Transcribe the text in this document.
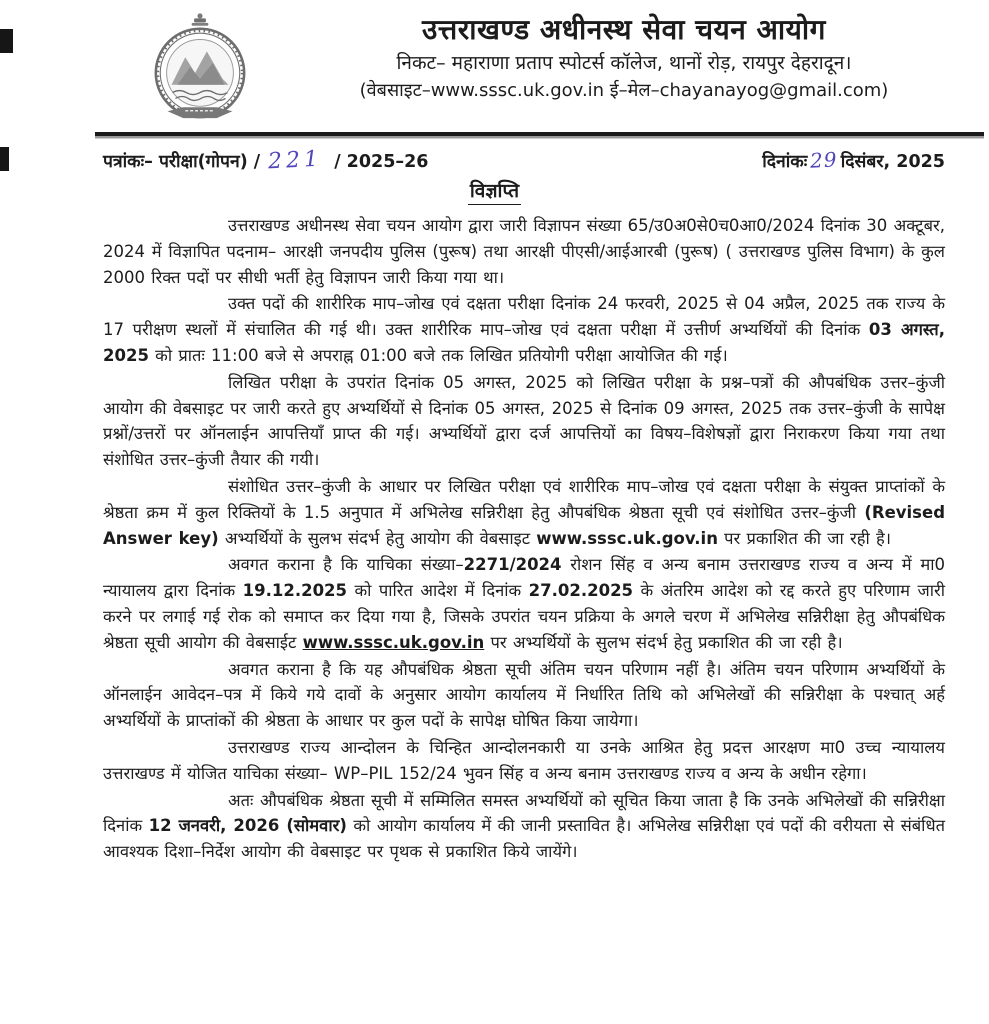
उत्तराखण्ड अधीनस्थ सेवा चयन आयोग
निकट– महाराणा प्रताप स्पोटर्स कॉलेज, थानों रोड़, रायपुर देहरादून।
(वेबसाइट–www.sssc.uk.gov.in ई–मेल–chayanayog@gmail.com)
पत्रांकः– परीक्षा(गोपन) / 221 / 2025–26	दिनांकः 29 दिसंबर, 2025
विज्ञप्ति

उत्तराखण्ड अधीनस्थ सेवा चयन आयोग द्वारा जारी विज्ञापन संख्या 65/उ0अ0से0च0आ0/2024 दिनांक 30 अक्टूबर, 2024 में विज्ञापित पदनाम– आरक्षी जनपदीय पुलिस (पुरूष) तथा आरक्षी पीएसी/आईआरबी (पुरूष) ( उत्तराखण्ड पुलिस विभाग) के कुल 2000 रिक्त पदों पर सीधी भर्ती हेतु विज्ञापन जारी किया गया था।

उक्त पदों की शारीरिक माप–जोख एवं दक्षता परीक्षा दिनांक 24 फरवरी, 2025 से 04 अप्रैल, 2025 तक राज्य के 17 परीक्षण स्थलों में संचालित की गई थी। उक्त शारीरिक माप–जोख एवं दक्षता परीक्षा में उत्तीर्ण अभ्यर्थियों की दिनांक 03 अगस्त, 2025 को प्रातः 11:00 बजे से अपराह्न 01:00 बजे तक लिखित प्रतियोगी परीक्षा आयोजित की गई।

लिखित परीक्षा के उपरांत दिनांक 05 अगस्त, 2025 को लिखित परीक्षा के प्रश्न–पत्रों की औपबंधिक उत्तर–कुंजी आयोग की वेबसाइट पर जारी करते हुए अभ्यर्थियों से दिनांक 05 अगस्त, 2025 से दिनांक 09 अगस्त, 2025 तक उत्तर–कुंजी के सापेक्ष प्रश्नों/उत्तरों पर ऑनलाईन आपत्तियाँ प्राप्त की गई। अभ्यर्थियों द्वारा दर्ज आपत्तियों का विषय–विशेषज्ञों द्वारा निराकरण किया गया तथा संशोधित उत्तर–कुंजी तैयार की गयी।

संशोधित उत्तर–कुंजी के आधार पर लिखित परीक्षा एवं शारीरिक माप–जोख एवं दक्षता परीक्षा के संयुक्त प्राप्तांकों के श्रेष्ठता क्रम में कुल रिक्तियों के 1.5 अनुपात में अभिलेख सन्निरीक्षा हेतु औपबंधिक श्रेष्ठता सूची एवं संशोधित उत्तर–कुंजी (Revised Answer key) अभ्यर्थियों के सुलभ संदर्भ हेतु आयोग की वेबसाइट www.sssc.uk.gov.in पर प्रकाशित की जा रही है।

अवगत कराना है कि याचिका संख्या–2271/2024 रोशन सिंह व अन्य बनाम उत्तराखण्ड राज्य व अन्य में मा0 न्यायालय द्वारा दिनांक 19.12.2025 को पारित आदेश में दिनांक 27.02.2025 के अंतरिम आदेश को रद्द करते हुए परिणाम जारी करने पर लगाई गई रोक को समाप्त कर दिया गया है, जिसके उपरांत चयन प्रक्रिया के अगले चरण में अभिलेख सन्निरीक्षा हेतु औपबंधिक श्रेष्ठता सूची आयोग की वेबसाईट www.sssc.uk.gov.in पर अभ्यर्थियों के सुलभ संदर्भ हेतु प्रकाशित की जा रही है।

अवगत कराना है कि यह औपबंधिक श्रेष्ठता सूची अंतिम चयन परिणाम नहीं है। अंतिम चयन परिणाम अभ्यर्थियों के ऑनलाईन आवेदन–पत्र में किये गये दावों के अनुसार आयोग कार्यालय में निर्धारित तिथि को अभिलेखों की सन्निरीक्षा के पश्चात् अर्ह अभ्यर्थियों के प्राप्तांकों की श्रेष्ठता के आधार पर कुल पदों के सापेक्ष घोषित किया जायेगा।

उत्तराखण्ड राज्य आन्दोलन के चिन्हित आन्दोलनकारी या उनके आश्रित हेतु प्रदत्त आरक्षण मा0 उच्च न्यायालय उत्तराखण्ड में योजित याचिका संख्या– WP–PIL 152/24 भुवन सिंह व अन्य बनाम उत्तराखण्ड राज्य व अन्य के अधीन रहेगा।

अतः औपबंधिक श्रेष्ठता सूची में सम्मिलित समस्त अभ्यर्थियों को सूचित किया जाता है कि उनके अभिलेखों की सन्निरीक्षा दिनांक 12 जनवरी, 2026 (सोमवार) को आयोग कार्यालय में की जानी प्रस्तावित है। अभिलेख सन्निरीक्षा एवं पदों की वरीयता से संबंधित आवश्यक दिशा–निर्देश आयोग की वेबसाइट पर पृथक से प्रकाशित किये जायेंगे।
